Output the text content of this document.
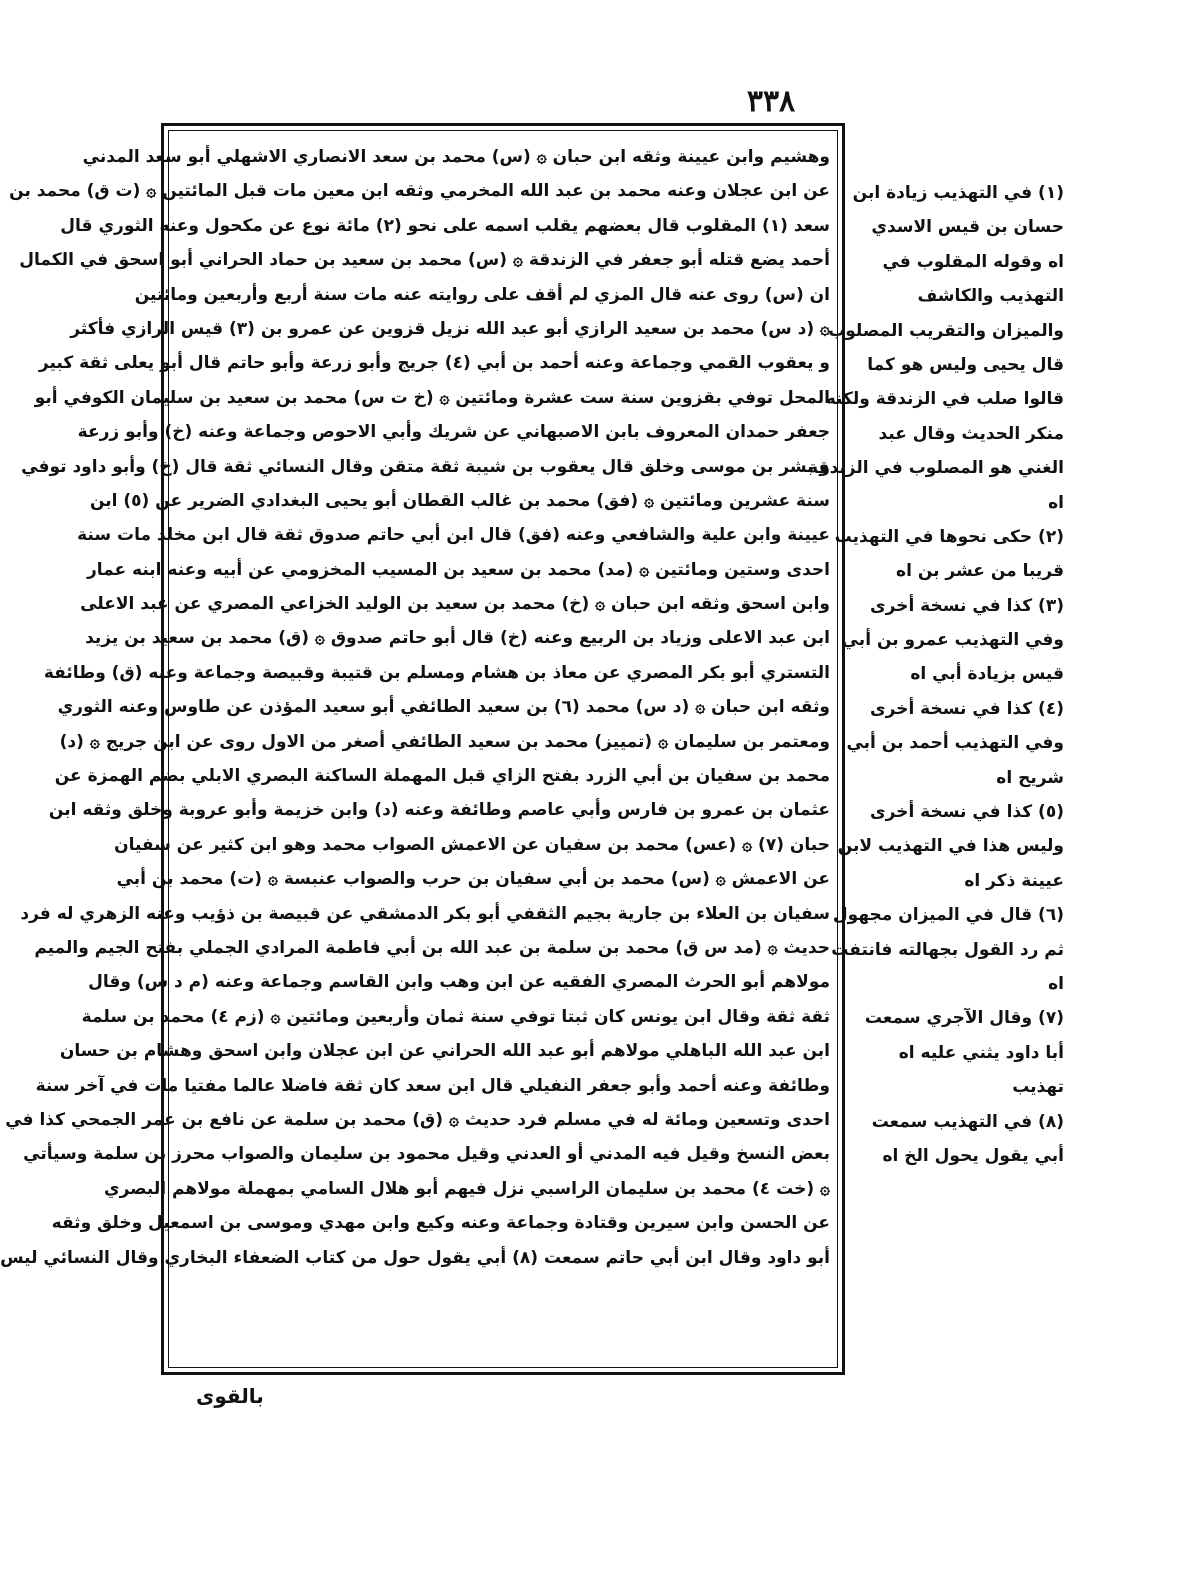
۳۳۸
وهشيم وابن عيينة وثقه ابن حبان ۞ (س) محمد بن سعد الانصاري الاشهلي أبو سعد المدني
عن ابن عجلان وعنه محمد بن عبد الله المخرمي وثقه ابن معين مات قبل المائتين ۞ (ت ق) محمد بن
سعد (١) المقلوب قال بعضهم يقلب اسمه على نحو (٢) مائة نوع عن مكحول وعنه الثوري قال
أحمد يضع قتله أبو جعفر في الزندقة ۞ (س) محمد بن سعيد بن حماد الحراني أبو اسحق في الكمال
ان (س) روى عنه قال المزي لم أقف على روايته عنه مات سنة أربع وأربعين ومائتين
۞ (د س) محمد بن سعيد الرازي أبو عبد الله نزيل قزوين عن عمرو بن (٣) قيس الرازي فأكثر
و يعقوب القمي وجماعة وعنه أحمد بن أبي (٤) جريج وأبو زرعة وأبو حاتم قال أبو يعلى ثقة كبير
المحل توفي بقزوين سنة ست عشرة ومائتين ۞ (خ ت س) محمد بن سعيد بن سليمان الكوفي أبو
جعفر حمدان المعروف بابن الاصبهاني عن شريك وأبي الاحوص وجماعة وعنه (خ) وأبو زرعة
و بشر بن موسى وخلق قال يعقوب بن شيبة ثقة متقن وقال النسائي ثقة قال (خ) وأبو داود توفي
سنة عشرين ومائتين ۞ (فق) محمد بن غالب القطان أبو يحيى البغدادي الضرير عن (٥) ابن
عيينة وابن علية والشافعي وعنه (فق) قال ابن أبي حاتم صدوق ثقة قال ابن مخلد مات سنة
احدى وستين ومائتين ۞ (مد) محمد بن سعيد بن المسيب المخزومي عن أبيه وعنه ابنه عمار
وابن اسحق وثقه ابن حبان ۞ (خ) محمد بن سعيد بن الوليد الخزاعي المصري عن عبد الاعلى
ابن عبد الاعلى وزياد بن الربيع وعنه (خ) قال أبو حاتم صدوق ۞ (ق) محمد بن سعيد بن يزيد
التستري أبو بكر المصري عن معاذ بن هشام ومسلم بن قتيبة وقبيصة وجماعة وعنه (ق) وطائفة
وثقه ابن حبان ۞ (د س) محمد (٦) بن سعيد الطائفي أبو سعيد المؤذن عن طاوس وعنه الثوري
ومعتمر بن سليمان ۞ (تمييز) محمد بن سعيد الطائفي أصغر من الاول روى عن ابن جريج ۞ (د)
محمد بن سفيان بن أبي الزرد بفتح الزاي قبل المهملة الساكنة البصري الابلي بضم الهمزة عن
عثمان بن عمرو بن فارس وأبي عاصم وطائفة وعنه (د) وابن خزيمة وأبو عروبة وخلق وثقه ابن
حبان (٧) ۞ (عس) محمد بن سفيان عن الاعمش الصواب محمد وهو ابن كثير عن سفيان
عن الاعمش ۞ (س) محمد بن أبي سفيان بن حرب والصواب عنبسة ۞ (ت) محمد بن أبي
سفيان بن العلاء بن جارية بجيم الثقفي أبو بكر الدمشقي عن قبيصة بن ذؤيب وعنه الزهري له فرد
حديث ۞ (مد س ق) محمد بن سلمة بن عبد الله بن أبي فاطمة المرادي الجملي بفتح الجيم والميم
مولاهم أبو الحرث المصري الفقيه عن ابن وهب وابن القاسم وجماعة وعنه (م د س) وقال
ثقة ثقة وقال ابن يونس كان ثبتا توفي سنة ثمان وأربعين ومائتين ۞ (زم ٤) محمد بن سلمة
ابن عبد الله الباهلي مولاهم أبو عبد الله الحراني عن ابن عجلان وابن اسحق وهشام بن حسان
وطائفة وعنه أحمد وأبو جعفر النفيلي قال ابن سعد كان ثقة فاضلا عالما مفتيا مات في آخر سنة
احدى وتسعين ومائة له في مسلم فرد حديث ۞ (ق) محمد بن سلمة عن نافع بن عمر الجمحي كذا في
بعض النسخ وقيل فيه المدني أو العدني وقيل محمود بن سليمان والصواب محرز بن سلمة وسيأتي
۞ (خت ٤) محمد بن سليمان الراسبي نزل فيهم أبو هلال السامي بمهملة مولاهم البصري
عن الحسن وابن سيرين وقتادة وجماعة وعنه وكيع وابن مهدي وموسى بن اسمعيل وخلق وثقه
أبو داود وقال ابن أبي حاتم سمعت (٨) أبي يقول حول من كتاب الضعفاء البخاري وقال النسائي ليس
(١) في التهذيب زيادة ابن
حسان بن قيس الاسدي
اه وقوله المقلوب في
التهذيب والكاشف
والميزان والتقريب المصلوب
قال يحيى وليس هو كما
قالوا صلب في الزندقة ولكنه
منكر الحديث وقال عبد
الغني هو المصلوب في الزندقة
اه
(٢) حكى نحوها في التهذيب
قريبا من عشر بن اه
(٣) كذا في نسخة أخرى
وفي التهذيب عمرو بن أبي
قيس بزيادة أبي اه
(٤) كذا في نسخة أخرى
وفي التهذيب أحمد بن أبي
شريح اه
(٥) كذا في نسخة أخرى
وليس هذا في التهذيب لابن
عيينة ذكر اه
(٦) قال في الميزان مجهول
ثم رد القول بجهالته فانتفت
اه
(٧) وقال الآجري سمعت
أبا داود يثني عليه اه
تهذيب
(٨) في التهذيب سمعت
أبي يقول يحول الخ اه
بالقوی
